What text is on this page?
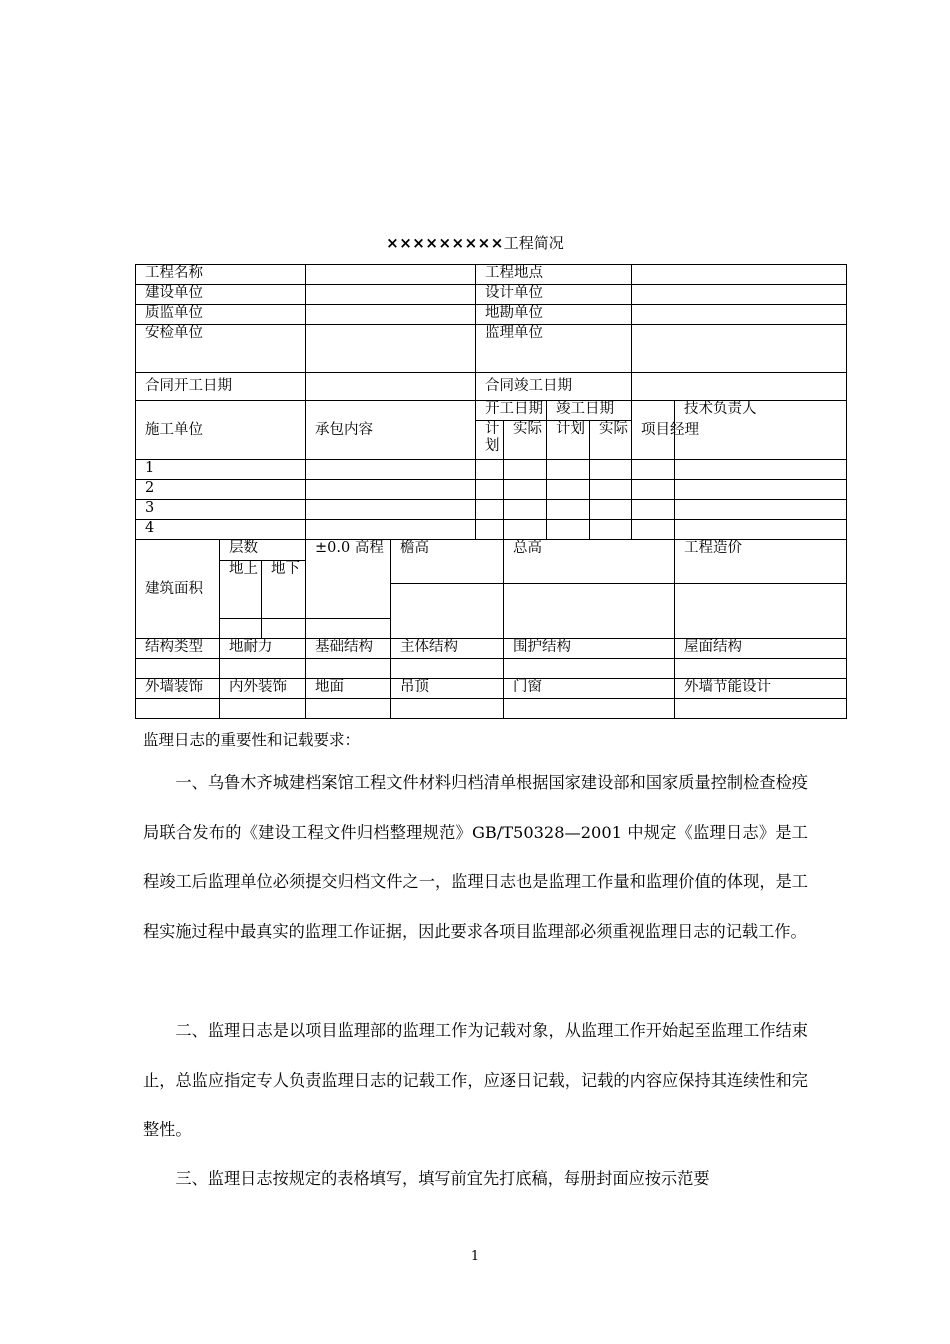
×××××××××工程简况
工程名称					工程地点					
建设单位					设计单位					
质监单位					地勘单位					
安检单位					监理单位					
合同开工日期					合同竣工日期					
施工单位			承包内容		开工日期		竣工日期		项目经理	技术负责人
					计划	实际	计划	实际		
1										
2										
3										
4										
建筑面积	层数		±0.0 高程	檐高		总高				工程造价
	地上	地下								

结构类型	地耐力		基础结构	主体结构		围护结构				屋面结构

外墙装饰	内外装饰		地面	吊顶		门窗				外墙节能设计

监理日志的重要性和记载要求：
一、乌鲁木齐城建档案馆工程文件材料归档清单根据国家建设部和国家质量控制检查检疫局联合发布的《建设工程文件归档整理规范》GB/T50328—2001 中规定《监理日志》是工程竣工后监理单位必须提交归档文件之一，监理日志也是监理工作量和监理价值的体现，是工程实施过程中最真实的监理工作证据，因此要求各项目监理部必须重视监理日志的记载工作。
二、监理日志是以项目监理部的监理工作为记载对象，从监理工作开始起至监理工作结束止，总监应指定专人负责监理日志的记载工作，应逐日记载，记载的内容应保持其连续性和完整性。
三、监理日志按规定的表格填写，填写前宜先打底稿，每册封面应按示范要
1
